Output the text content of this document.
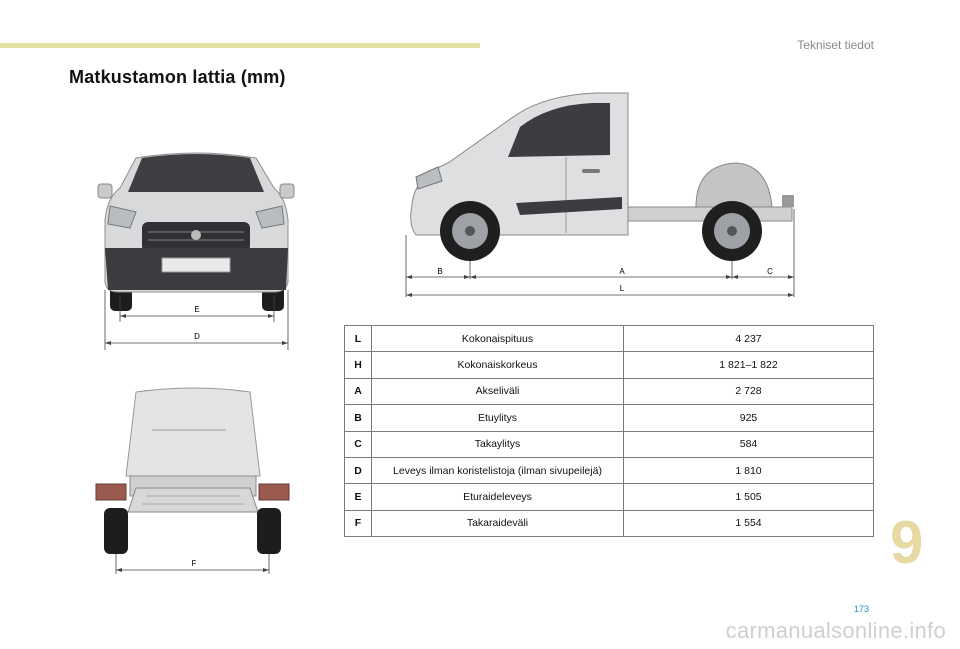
Tekniset tiedot
Matkustamon lattia (mm)
E
D
B	A	C
L
F
L	Kokonaispituus	4 237
H	Kokonaiskorkeus	1 821–1 822
A	Akseliväli	2 728
B	Etuylitys	925
C	Takaylitys	584
D	Leveys ilman koristelistoja (ilman sivupeilejä)	1 810
E	Eturaideleveys	1 505
F	Takaraideväli	1 554 9
173
carmanualsonline.info
